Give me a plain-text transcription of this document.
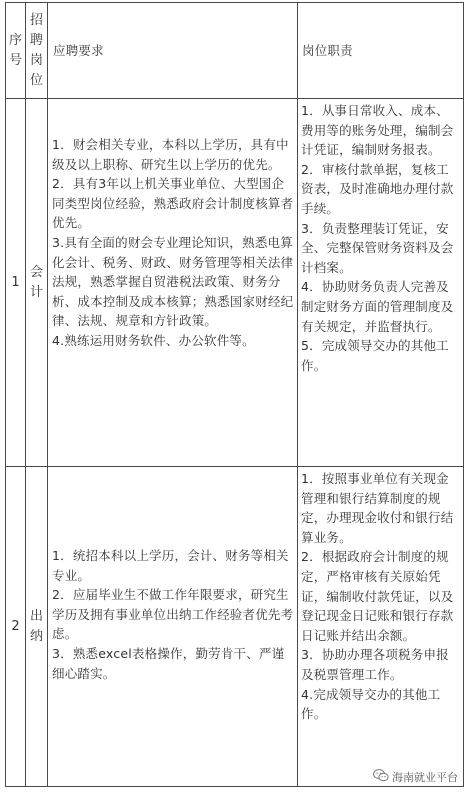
序号
招聘岗位
应聘要求	岗位职责
1
会计

1．财会相关专业，本科以上学历，具有中级及以上职称、研究生以上学历的优先。

2．具有3年以上机关事业单位、大型国企同类型岗位经验，熟悉政府会计制度核算者优先。

3.具有全面的财会专业理论知识，熟悉电算化会计、税务、财政、财务管理等相关法律法规，熟悉掌握自贸港税法政策、财务分析、成本控制及成本核算；熟悉国家财经纪律、法规、规章和方针政策。

4.熟练运用财务软件、办公软件等。

1．从事日常收入、成本、费用等的账务处理，编制会计凭证，编制财务报表。

2．审核付款单据，复核工资表，及时准确地办理付款手续。

3．负责整理装订凭证，安全、完整保管财务资料及会计档案。

4．协助财务负责人完善及制定财务方面的管理制度及有关规定，并监督执行。

5．完成领导交办的其他工作。

2
出纳

1．统招本科以上学历，会计、财务等相关专业。

2．应届毕业生不做工作年限要求，研究生学历及拥有事业单位出纳工作经验者优先考虑。

3．熟悉excel表格操作，勤劳肯干、严谨细心踏实。

1．按照事业单位有关现金管理和银行结算制度的规定，办理现金收付和银行结算业务。

2．根据政府会计制度的规定，严格审核有关原始凭证，编制收付款凭证，以及登记现金日记账和银行存款日记账并结出余额。

3．协助办理各项税务申报及税票管理工作。

4.完成领导交办的其他工作。

海南就业平台
